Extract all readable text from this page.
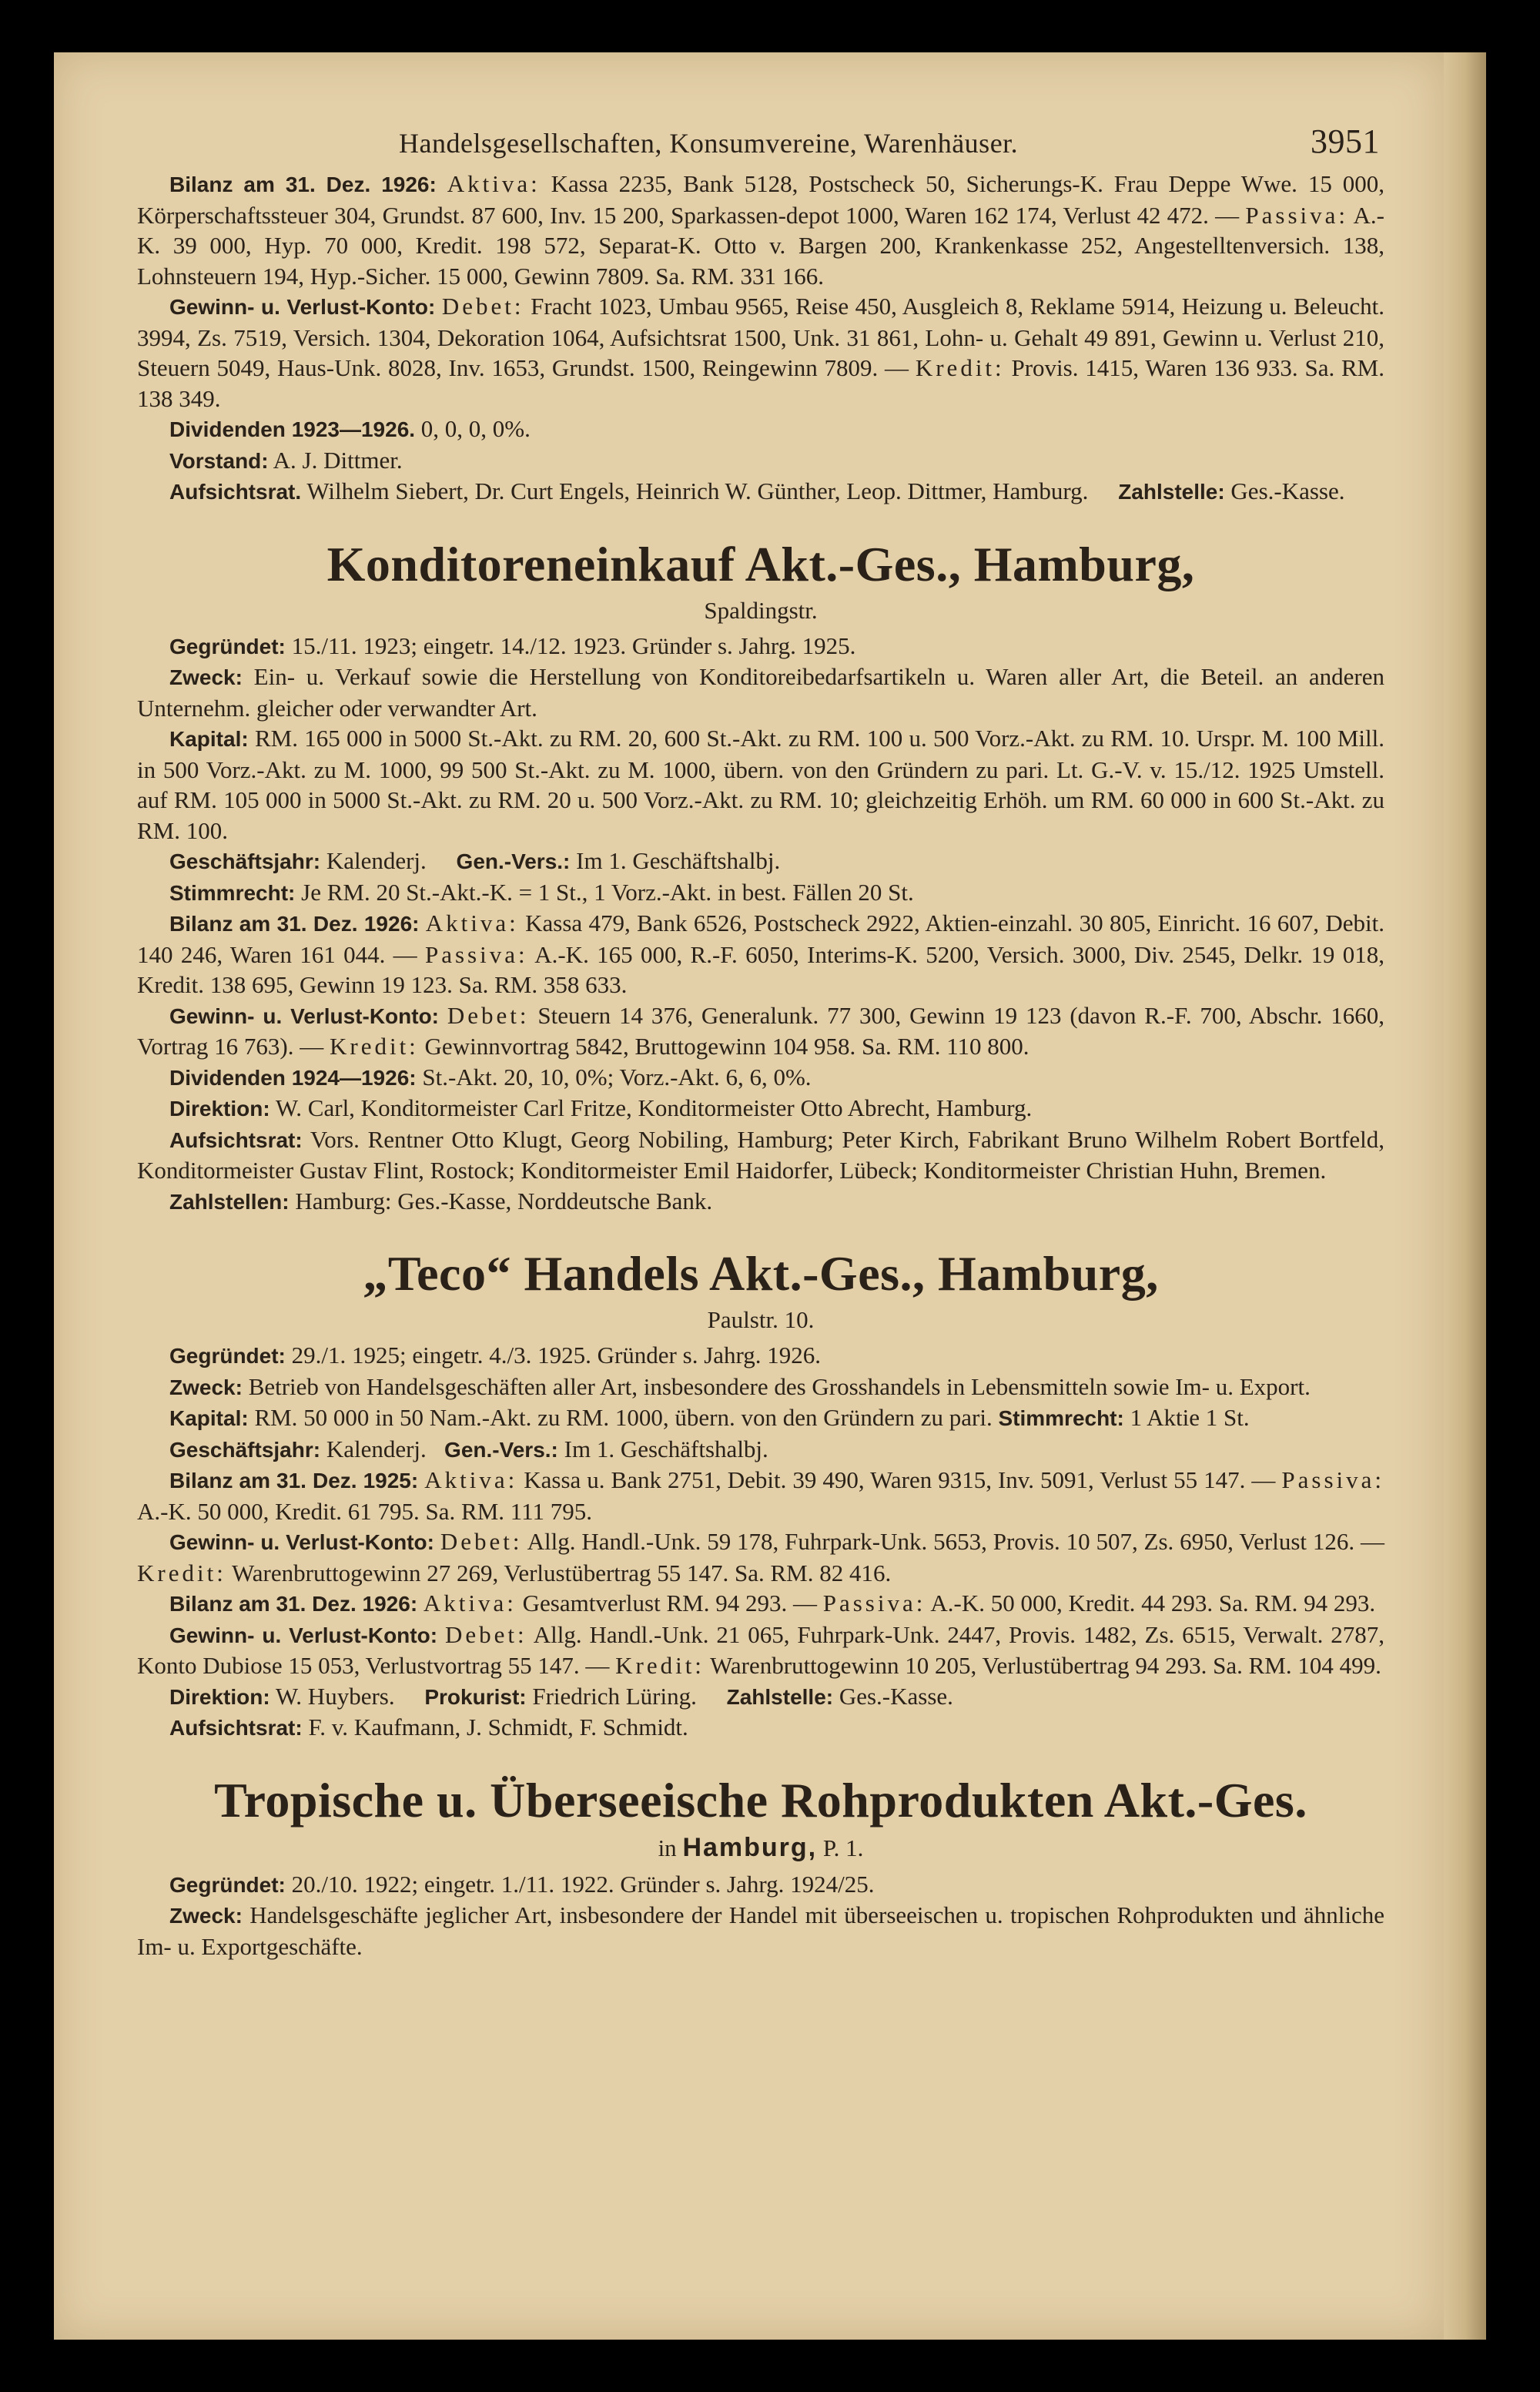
Handelsgesellschaften, Konsumvereine, Warenhäuser.	3951

Bilanz am 31. Dez. 1926: Aktiva: Kassa 2235, Bank 5128, Postscheck 50, Sicherungs-K. Frau Deppe Wwe. 15 000, Körperschaftssteuer 304, Grundst. 87 600, Inv. 15 200, Sparkassen-depot 1000, Waren 162 174, Verlust 42 472. — Passiva: A.-K. 39 000, Hyp. 70 000, Kredit. 198 572, Separat-K. Otto v. Bargen 200, Krankenkasse 252, Angestelltenversich. 138, Lohnsteuern 194, Hyp.-Sicher. 15 000, Gewinn 7809. Sa. RM. 331 166.

Gewinn- u. Verlust-Konto: Debet: Fracht 1023, Umbau 9565, Reise 450, Ausgleich 8, Reklame 5914, Heizung u. Beleucht. 3994, Zs. 7519, Versich. 1304, Dekoration 1064, Aufsichtsrat 1500, Unk. 31 861, Lohn- u. Gehalt 49 891, Gewinn u. Verlust 210, Steuern 5049, Haus-Unk. 8028, Inv. 1653, Grundst. 1500, Reingewinn 7809. — Kredit: Provis. 1415, Waren 136 933. Sa. RM. 138 349.

Dividenden 1923—1926. 0, 0, 0, 0%.

Vorstand: A. J. Dittmer.

Aufsichtsrat. Wilhelm Siebert, Dr. Curt Engels, Heinrich W. Günther, Leop. Dittmer, Hamburg. Zahlstelle: Ges.-Kasse.

Konditoreneinkauf Akt.-Ges., Hamburg,
Spaldingstr.

Gegründet: 15./11. 1923; eingetr. 14./12. 1923. Gründer s. Jahrg. 1925.

Zweck: Ein- u. Verkauf sowie die Herstellung von Konditoreibedarfsartikeln u. Waren aller Art, die Beteil. an anderen Unternehm. gleicher oder verwandter Art.

Kapital: RM. 165 000 in 5000 St.-Akt. zu RM. 20, 600 St.-Akt. zu RM. 100 u. 500 Vorz.-Akt. zu RM. 10. Urspr. M. 100 Mill. in 500 Vorz.-Akt. zu M. 1000, 99 500 St.-Akt. zu M. 1000, übern. von den Gründern zu pari. Lt. G.-V. v. 15./12. 1925 Umstell. auf RM. 105 000 in 5000 St.-Akt. zu RM. 20 u. 500 Vorz.-Akt. zu RM. 10; gleichzeitig Erhöh. um RM. 60 000 in 600 St.-Akt. zu RM. 100.

Geschäftsjahr: Kalenderj. Gen.-Vers.: Im 1. Geschäftshalbj.

Stimmrecht: Je RM. 20 St.-Akt.-K. = 1 St., 1 Vorz.-Akt. in best. Fällen 20 St.

Bilanz am 31. Dez. 1926: Aktiva: Kassa 479, Bank 6526, Postscheck 2922, Aktien-einzahl. 30 805, Einricht. 16 607, Debit. 140 246, Waren 161 044. — Passiva: A.-K. 165 000, R.-F. 6050, Interims-K. 5200, Versich. 3000, Div. 2545, Delkr. 19 018, Kredit. 138 695, Gewinn 19 123. Sa. RM. 358 633.

Gewinn- u. Verlust-Konto: Debet: Steuern 14 376, Generalunk. 77 300, Gewinn 19 123 (davon R.-F. 700, Abschr. 1660, Vortrag 16 763). — Kredit: Gewinnvortrag 5842, Bruttogewinn 104 958. Sa. RM. 110 800.

Dividenden 1924—1926: St.-Akt. 20, 10, 0%; Vorz.-Akt. 6, 6, 0%.

Direktion: W. Carl, Konditormeister Carl Fritze, Konditormeister Otto Abrecht, Hamburg.

Aufsichtsrat: Vors. Rentner Otto Klugt, Georg Nobiling, Hamburg; Peter Kirch, Fabrikant Bruno Wilhelm Robert Bortfeld, Konditormeister Gustav Flint, Rostock; Konditormeister Emil Haidorfer, Lübeck; Konditormeister Christian Huhn, Bremen.

Zahlstellen: Hamburg: Ges.-Kasse, Norddeutsche Bank.

„Teco“ Handels Akt.-Ges., Hamburg,
Paulstr. 10.

Gegründet: 29./1. 1925; eingetr. 4./3. 1925. Gründer s. Jahrg. 1926.

Zweck: Betrieb von Handelsgeschäften aller Art, insbesondere des Grosshandels in Lebensmitteln sowie Im- u. Export.

Kapital: RM. 50 000 in 50 Nam.-Akt. zu RM. 1000, übern. von den Gründern zu pari. Stimmrecht: 1 Aktie 1 St.

Geschäftsjahr: Kalenderj. Gen.-Vers.: Im 1. Geschäftshalbj.

Bilanz am 31. Dez. 1925: Aktiva: Kassa u. Bank 2751, Debit. 39 490, Waren 9315, Inv. 5091, Verlust 55 147. — Passiva: A.-K. 50 000, Kredit. 61 795. Sa. RM. 111 795.

Gewinn- u. Verlust-Konto: Debet: Allg. Handl.-Unk. 59 178, Fuhrpark-Unk. 5653, Provis. 10 507, Zs. 6950, Verlust 126. — Kredit: Warenbruttogewinn 27 269, Verlustübertrag 55 147. Sa. RM. 82 416.

Bilanz am 31. Dez. 1926: Aktiva: Gesamtverlust RM. 94 293. — Passiva: A.-K. 50 000, Kredit. 44 293. Sa. RM. 94 293.

Gewinn- u. Verlust-Konto: Debet: Allg. Handl.-Unk. 21 065, Fuhrpark-Unk. 2447, Provis. 1482, Zs. 6515, Verwalt. 2787, Konto Dubiose 15 053, Verlustvortrag 55 147. — Kredit: Warenbruttogewinn 10 205, Verlustübertrag 94 293. Sa. RM. 104 499.

Direktion: W. Huybers. Prokurist: Friedrich Lüring. Zahlstelle: Ges.-Kasse.

Aufsichtsrat: F. v. Kaufmann, J. Schmidt, F. Schmidt.

Tropische u. Überseeische Rohprodukten Akt.-Ges.
in Hamburg, P. 1.

Gegründet: 20./10. 1922; eingetr. 1./11. 1922. Gründer s. Jahrg. 1924/25.

Zweck: Handelsgeschäfte jeglicher Art, insbesondere der Handel mit überseeischen u. tropischen Rohprodukten und ähnliche Im- u. Exportgeschäfte.
